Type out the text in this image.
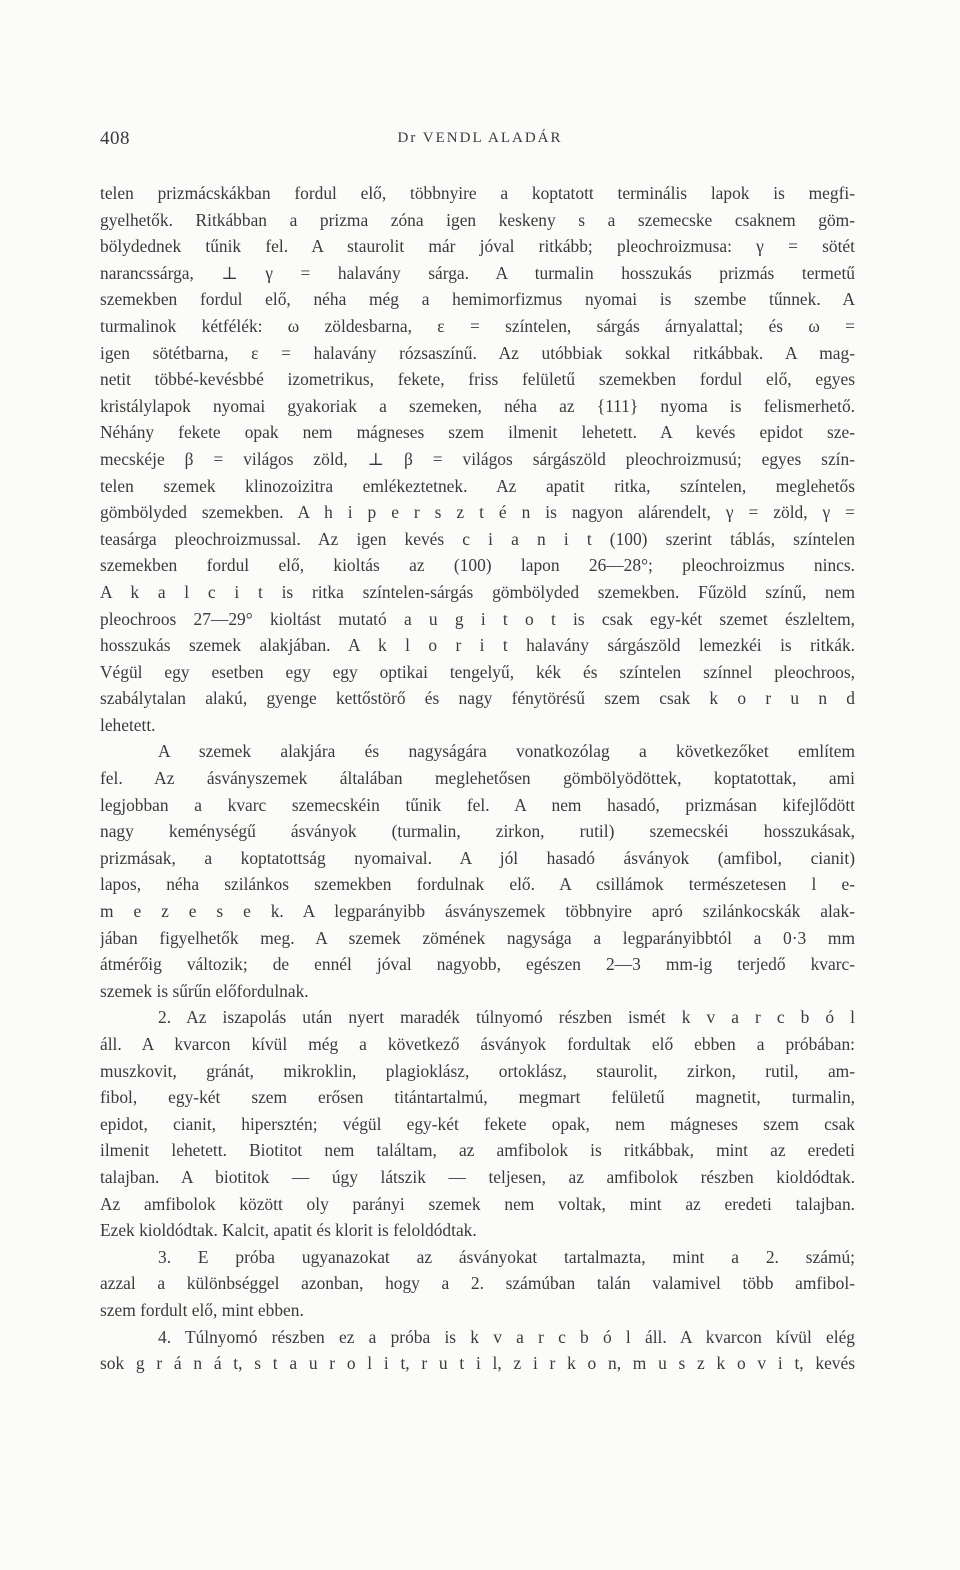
408	Dr VENDL ALADÁR
telen prizmácskákban fordul elő, többnyire a koptatott terminális lapok is megfi-
gyelhetők. Ritkábban a prizma zóna igen keskeny s a szemecske csaknem göm-
bölydednek tűnik fel. A staurolit már jóval ritkább; pleochroizmusa: γ = sötét
narancssárga, ⊥ γ = halavány sárga. A turmalin hosszukás prizmás termetű
szemekben fordul elő, néha még a hemimorfizmus nyomai is szembe tűnnek. A
turmalinok kétfélék: ω zöldesbarna, ε = színtelen, sárgás árnyalattal; és ω =
igen sötétbarna, ε = halavány rózsaszínű. Az utóbbiak sokkal ritkábbak. A mag-
netit többé-kevésbbé izometrikus, fekete, friss felületű szemekben fordul elő, egyes
kristálylapok nyomai gyakoriak a szemeken, néha az {111} nyoma is felismerhető.
Néhány fekete opak nem mágneses szem ilmenit lehetett. A kevés epidot sze-
mecskéje β = világos zöld, ⊥ β = világos sárgászöld pleochroizmusú; egyes szín-
telen szemek klinozoizitra emlékeztetnek. Az apatit ritka, színtelen, meglehetős
gömbölyded szemekben. A h i p e r s z t é n is nagyon alárendelt, γ = zöld, γ =
teasárga pleochroizmussal. Az igen kevés c i a n i t (100) szerint táblás, színtelen
szemekben fordul elő, kioltás az (100) lapon 26—28°; pleochroizmus nincs.
A k a l c i t is ritka színtelen-sárgás gömbölyded szemekben. Fűzöld színű, nem
pleochroos 27—29° kioltást mutató a u g i t o t is csak egy-két szemet észleltem,
hosszukás szemek alakjában. A k l o r i t halavány sárgászöld lemezkéi is ritkák.
Végül egy esetben egy egy optikai tengelyű, kék és színtelen színnel pleochroos,
szabálytalan alakú, gyenge kettőstörő és nagy fénytörésű szem csak k o r u n d
lehetett.
A szemek alakjára és nagyságára vonatkozólag a következőket említem
fel. Az ásványszemek általában meglehetősen gömbölyödöttek, koptatottak, ami
legjobban a kvarc szemecskéin tűnik fel. A nem hasadó, prizmásan kifejlődött
nagy keménységű ásványok (turmalin, zirkon, rutil) szemecskéi hosszukásak,
prizmásak, a koptatottság nyomaival. A jól hasadó ásványok (amfibol, cianit)
lapos, néha szilánkos szemekben fordulnak elő. A csillámok természetesen l e-
m e z e s e k. A legparányibb ásványszemek többnyire apró szilánkocskák alak-
jában figyelhetők meg. A szemek zömének nagysága a legparányibbtól a 0·3 mm
átmérőig változik; de ennél jóval nagyobb, egészen 2—3 mm-ig terjedő kvarc-
szemek is sűrűn előfordulnak.
2. Az iszapolás után nyert maradék túlnyomó részben ismét k v a r c b ó l
áll. A kvarcon kívül még a következő ásványok fordultak elő ebben a próbában:
muszkovit, gránát, mikroklin, plagioklász, ortoklász, staurolit, zirkon, rutil, am-
fibol, egy-két szem erősen titántartalmú, megmart felületű magnetit, turmalin,
epidot, cianit, hipersztén; végül egy-két fekete opak, nem mágneses szem csak
ilmenit lehetett. Biotitot nem találtam, az amfibolok is ritkábbak, mint az eredeti
talajban. A biotitok — úgy látszik — teljesen, az amfibolok részben kioldódtak.
Az amfibolok között oly parányi szemek nem voltak, mint az eredeti talajban.
Ezek kioldódtak. Kalcit, apatit és klorit is feloldódtak.
3. E próba ugyanazokat az ásványokat tartalmazta, mint a 2. számú;
azzal a különbséggel azonban, hogy a 2. számúban talán valamivel több amfibol-
szem fordult elő, mint ebben.
4. Túlnyomó részben ez a próba is k v a r c b ó l áll. A kvarcon kívül elég
sok g r á n á t, s t a u r o l i t, r u t i l, z i r k o n, m u s z k o v i t, kevés
